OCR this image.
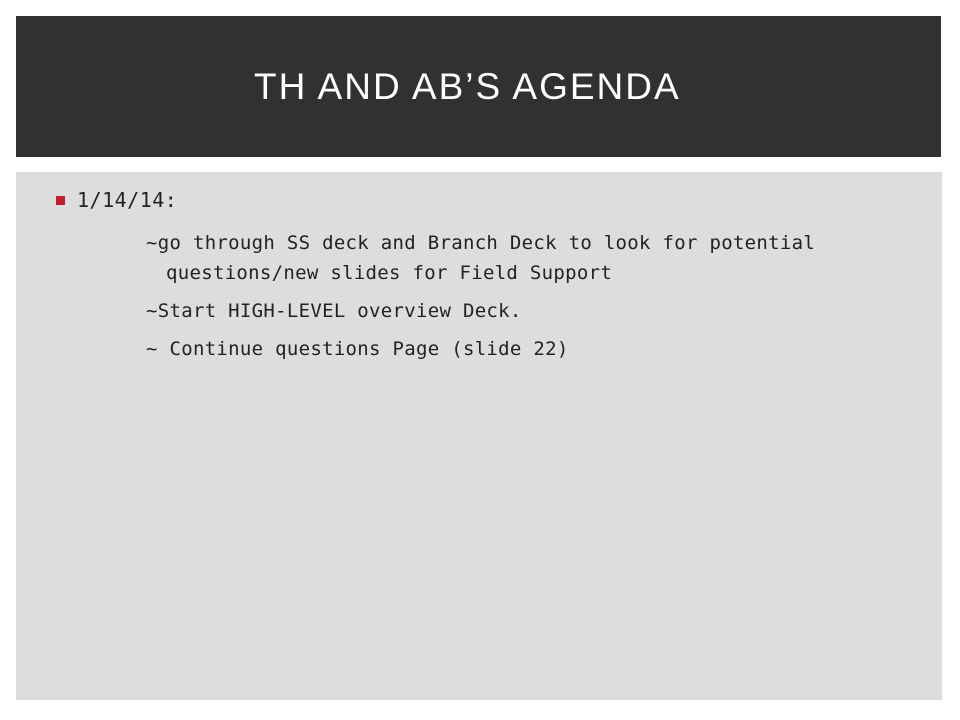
TH AND AB’S AGENDA
1/14/14:
~go through SS deck and Branch Deck to look for potential questions/new slides for Field Support
~Start HIGH-LEVEL overview Deck.
~ Continue questions Page (slide 22)
